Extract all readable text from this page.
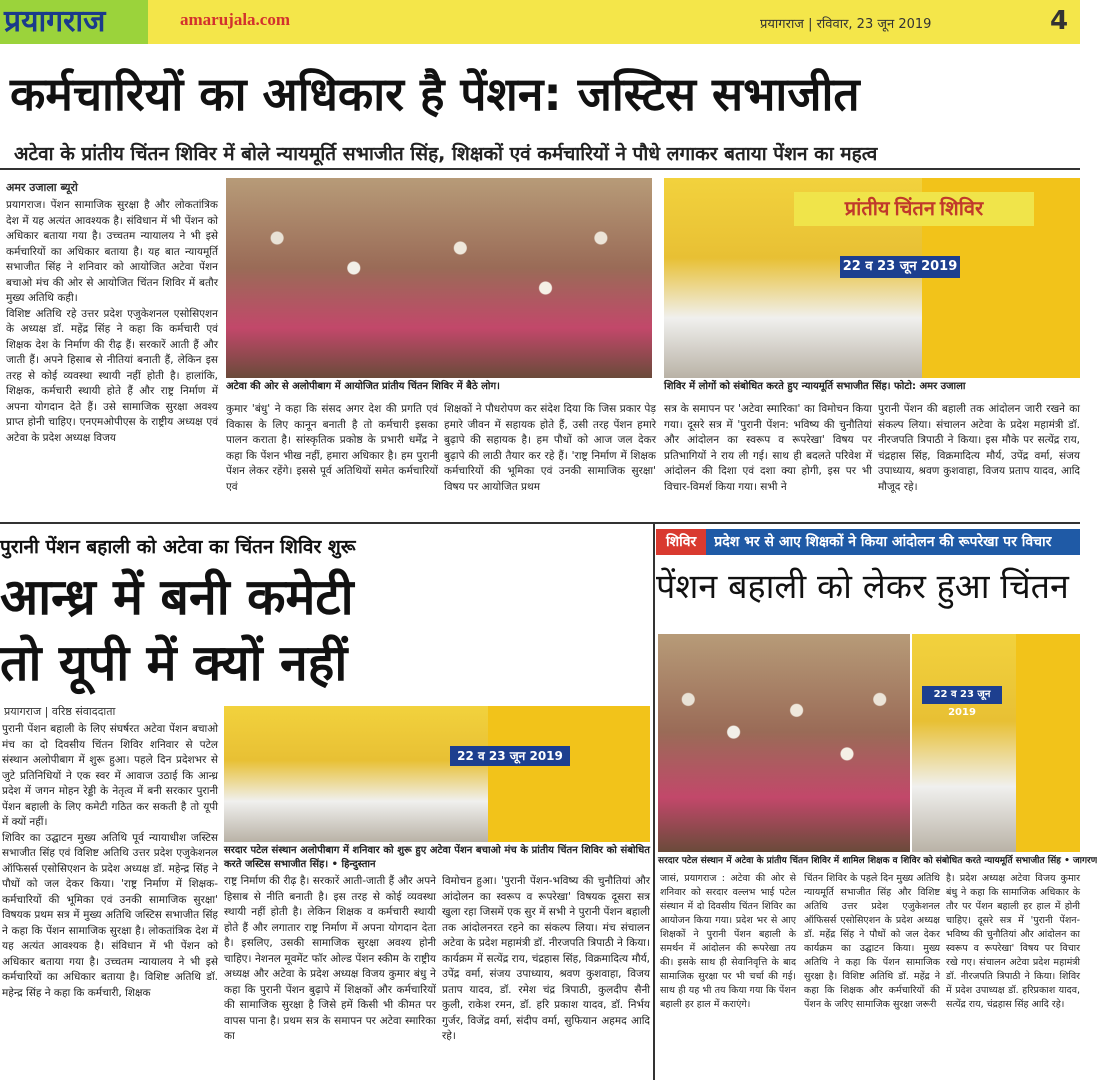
प्रयागराज	amarujala.com	प्रयागराज | रविवार, 23 जून 2019	4
कर्मचारियों का अधिकार है पेंशन: जस्टिस सभाजीत
अटेवा के प्रांतीय चिंतन शिविर में बोले न्यायमूर्ति सभाजीत सिंह, शिक्षकों एवं कर्मचारियों ने पौधे लगाकर बताया पेंशन का महत्व
अमर उजाला ब्यूरो
प्रयागराज। पेंशन सामाजिक सुरक्षा है और लोकतांत्रिक देश में यह अत्यंत आवश्यक है। संविधान में भी पेंशन को अधिकार बताया गया है। उच्चतम न्यायालय ने भी इसे कर्मचारियों का अधिकार बताया है। यह बात न्यायमूर्ति सभाजीत सिंह ने शनिवार को आयोजित अटेवा पेंशन बचाओ मंच की ओर से आयोजित चिंतन शिविर में बतौर मुख्य अतिथि कही।
विशिष्ट अतिथि रहे उत्तर प्रदेश एजुकेशनल एसोसिएशन के अध्यक्ष डॉ. महेंद्र सिंह ने कहा कि कर्मचारी एवं शिक्षक देश के निर्माण की रीढ़ हैं। सरकारें आती हैं और जाती हैं। अपने हिसाब से नीतियां बनाती हैं, लेकिन इस तरह से कोई व्यवस्था स्थायी नहीं होती है। हालांकि, शिक्षक, कर्मचारी स्थायी होते हैं और राष्ट्र निर्माण में अपना योगदान देते हैं। उसे सामाजिक सुरक्षा अवश्य प्राप्त होनी चाहिए। एनएमओपीएस के राष्ट्रीय अध्यक्ष एवं अटेवा के प्रदेश अध्यक्ष विजय
अटेवा की ओर से अलोपीबाग में आयोजित प्रांतीय चिंतन शिविर में बैठे लोग।
प्रांतीय चिंतन शिविर
22 व 23 जून 2019
शिविर में लोगों को संबोधित करते हुए न्यायमूर्ति सभाजीत सिंह। फोटो: अमर उजाला
कुमार 'बंधु' ने कहा कि संसद अगर देश की प्रगति एवं विकास के लिए कानून बनाती है तो कर्मचारी इसका पालन कराता है। सांस्कृतिक प्रकोष्ठ के प्रभारी धर्मेंद्र ने कहा कि पेंशन भीख नहीं, हमारा अधिकार है। हम पुरानी पेंशन लेकर रहेंगे। इससे पूर्व अतिथियों समेत कर्मचारियों एवं
शिक्षकों ने पौधरोपण कर संदेश दिया कि जिस प्रकार पेड़ हमारे जीवन में सहायक होते हैं, उसी तरह पेंशन हमारे बुढ़ापे की सहायक है। हम पौधों को आज जल देकर बुढ़ापे की लाठी तैयार कर रहे हैं। 'राष्ट्र निर्माण में शिक्षक कर्मचारियों की भूमिका एवं उनकी सामाजिक सुरक्षा' विषय पर आयोजित प्रथम
सत्र के समापन पर 'अटेवा स्मारिका' का विमोचन किया गया। दूसरे सत्र में 'पुरानी पेंशन: भविष्य की चुनौतियां और आंदोलन का स्वरूप व रूपरेखा' विषय पर प्रतिभागियों ने राय ली गई। साथ ही बदलते परिवेश में आंदोलन की दिशा एवं दशा क्या होगी, इस पर भी विचार-विमर्श किया गया। सभी ने
पुरानी पेंशन की बहाली तक आंदोलन जारी रखने का संकल्प लिया। संचालन अटेवा के प्रदेश महामंत्री डॉ. नीरजपति त्रिपाठी ने किया। इस मौके पर सत्येंद्र राय, चंद्रहास सिंह, विक्रमादित्य मौर्य, उपेंद्र वर्मा, संजय उपाध्याय, श्रवण कुशवाहा, विजय प्रताप यादव, आदि मौजूद रहे।
पुरानी पेंशन बहाली को अटेवा का चिंतन शिविर शुरू
आन्ध्र में बनी कमेटी
तो यूपी में क्यों नहीं
प्रयागराज | वरिष्ठ संवाददाता
पुरानी पेंशन बहाली के लिए संघर्षरत अटेवा पेंशन बचाओ मंच का दो दिवसीय चिंतन शिविर शनिवार से पटेल संस्थान अलोपीबाग में शुरू हुआ। पहले दिन प्रदेशभर से जुटे प्रतिनिधियों ने एक स्वर में आवाज उठाई कि आन्ध्र प्रदेश में जगन मोहन रेड्डी के नेतृत्व में बनी सरकार पुरानी पेंशन बहाली के लिए कमेटी गठित कर सकती है तो यूपी में क्यों नहीं।
शिविर का उद्घाटन मुख्य अतिथि पूर्व न्यायाधीश जस्टिस सभाजीत सिंह एवं विशिष्ट अतिथि उत्तर प्रदेश एजुकेशनल ऑफिसर्स एसोसिएशन के प्रदेश अध्यक्ष डॉ. महेन्द्र सिंह ने पौधों को जल देकर किया। 'राष्ट्र निर्माण में शिक्षक-कर्मचारियों की भूमिका एवं उनकी सामाजिक सुरक्षा' विषयक प्रथम सत्र में मुख्य अतिथि जस्टिस सभाजीत सिंह ने कहा कि पेंशन सामाजिक सुरक्षा है। लोकतांत्रिक देश में यह अत्यंत आवश्यक है। संविधान में भी पेंशन को अधिकार बताया गया है। उच्चतम न्यायालय ने भी इसे कर्मचारियों का अधिकार बताया है। विशिष्ट अतिथि डॉ. महेन्द्र सिंह ने कहा कि कर्मचारी, शिक्षक
22 व 23 जून 2019
सरदार पटेल संस्थान अलोपीबाग में शनिवार को शुरू हुए अटेवा पेंशन बचाओ मंच के प्रांतीय चिंतन शिविर को संबोधित करते जस्टिस सभाजीत सिंह। • हिन्दुस्तान
राष्ट्र निर्माण की रीढ़ है। सरकारें आती-जाती हैं और अपने हिसाब से नीति बनाती है। इस तरह से कोई व्यवस्था स्थायी नहीं होती है। लेकिन शिक्षक व कर्मचारी स्थायी होते हैं और लगातार राष्ट्र निर्माण में अपना योगदान देता है। इसलिए, उसकी सामाजिक सुरक्षा अवश्य होनी चाहिए। नेशनल मूवमेंट फॉर ओल्ड पेंशन स्कीम के राष्ट्रीय अध्यक्ष और अटेवा के प्रदेश अध्यक्ष विजय कुमार बंधु ने कहा कि पुरानी पेंशन बुढ़ापे में शिक्षकों और कर्मचारियों की सामाजिक सुरक्षा है जिसे हमें किसी भी कीमत पर वापस पाना है। प्रथम सत्र के समापन पर अटेवा स्मारिका का
विमोचन हुआ। 'पुरानी पेंशन-भविष्य की चुनौतियां और आंदोलन का स्वरूप व रूपरेखा' विषयक दूसरा सत्र खुला रहा जिसमें एक सुर में सभी ने पुरानी पेंशन बहाली तक आंदोलनरत रहने का संकल्प लिया। मंच संचालन अटेवा के प्रदेश महामंत्री डॉ. नीरजपति त्रिपाठी ने किया। कार्यक्रम में सत्येंद्र राय, चंद्रहास सिंह, विक्रमादित्य मौर्य, उपेंद्र वर्मा, संजय उपाध्याय, श्रवण कुशवाहा, विजय प्रताप यादव, डॉ. रमेश चंद्र त्रिपाठी, कुलदीप सैनी कुली, राकेश रमन, डॉ. हरि प्रकाश यादव, डॉ. निर्भय गुर्जर, विजेंद्र वर्मा, संदीप वर्मा, सुफियान अहमद आदि रहे।
शिविर प्रदेश भर से आए शिक्षकों ने किया आंदोलन की रूपरेखा पर विचार
पेंशन बहाली को लेकर हुआ चिंतन
22 व 23 जून 2019
सरदार पटेल संस्थान में अटेवा के प्रांतीय चिंतन शिविर में शामिल शिक्षक व शिविर को संबोधित करते न्यायमूर्ति सभाजीत सिंह • जागरण
जासं, प्रयागराज : अटेवा की ओर से शनिवार को सरदार वल्लभ भाई पटेल संस्थान में दो दिवसीय चिंतन शिविर का आयोजन किया गया। प्रदेश भर से आए शिक्षकों ने पुरानी पेंशन बहाली के समर्थन में आंदोलन की रूपरेखा तय की। इसके साथ ही सेवानिवृत्ति के बाद सामाजिक सुरक्षा पर भी चर्चा की गई। साथ ही यह भी तय किया गया कि पेंशन बहाली हर हाल में कराएंगे।
चिंतन शिविर के पहले दिन मुख्य अतिथि न्यायमूर्ति सभाजीत सिंह और विशिष्ट अतिथि उत्तर प्रदेश एजुकेशनल ऑफिसर्स एसोसिएशन के प्रदेश अध्यक्ष डॉ. महेंद्र सिंह ने पौधों को जल देकर कार्यक्रम का उद्घाटन किया। मुख्य अतिथि ने कहा कि पेंशन सामाजिक सुरक्षा है। विशिष्ट अतिथि डॉ. महेंद्र ने कहा कि शिक्षक और कर्मचारियों की पेंशन के जरिए सामाजिक सुरक्षा जरूरी
है। प्रदेश अध्यक्ष अटेवा विजय कुमार बंधु ने कहा कि सामाजिक अधिकार के तौर पर पेंशन बहाली हर हाल में होनी चाहिए। दूसरे सत्र में 'पुरानी पेंशन-भविष्य की चुनौतियां और आंदोलन का स्वरूप व रूपरेखा' विषय पर विचार रखे गए। संचालन अटेवा प्रदेश महामंत्री डॉ. नीरजपति त्रिपाठी ने किया। शिविर में प्रदेश उपाध्यक्ष डॉ. हरिप्रकाश यादव, सत्येंद्र राय, चंद्रहास सिंह आदि रहे।
